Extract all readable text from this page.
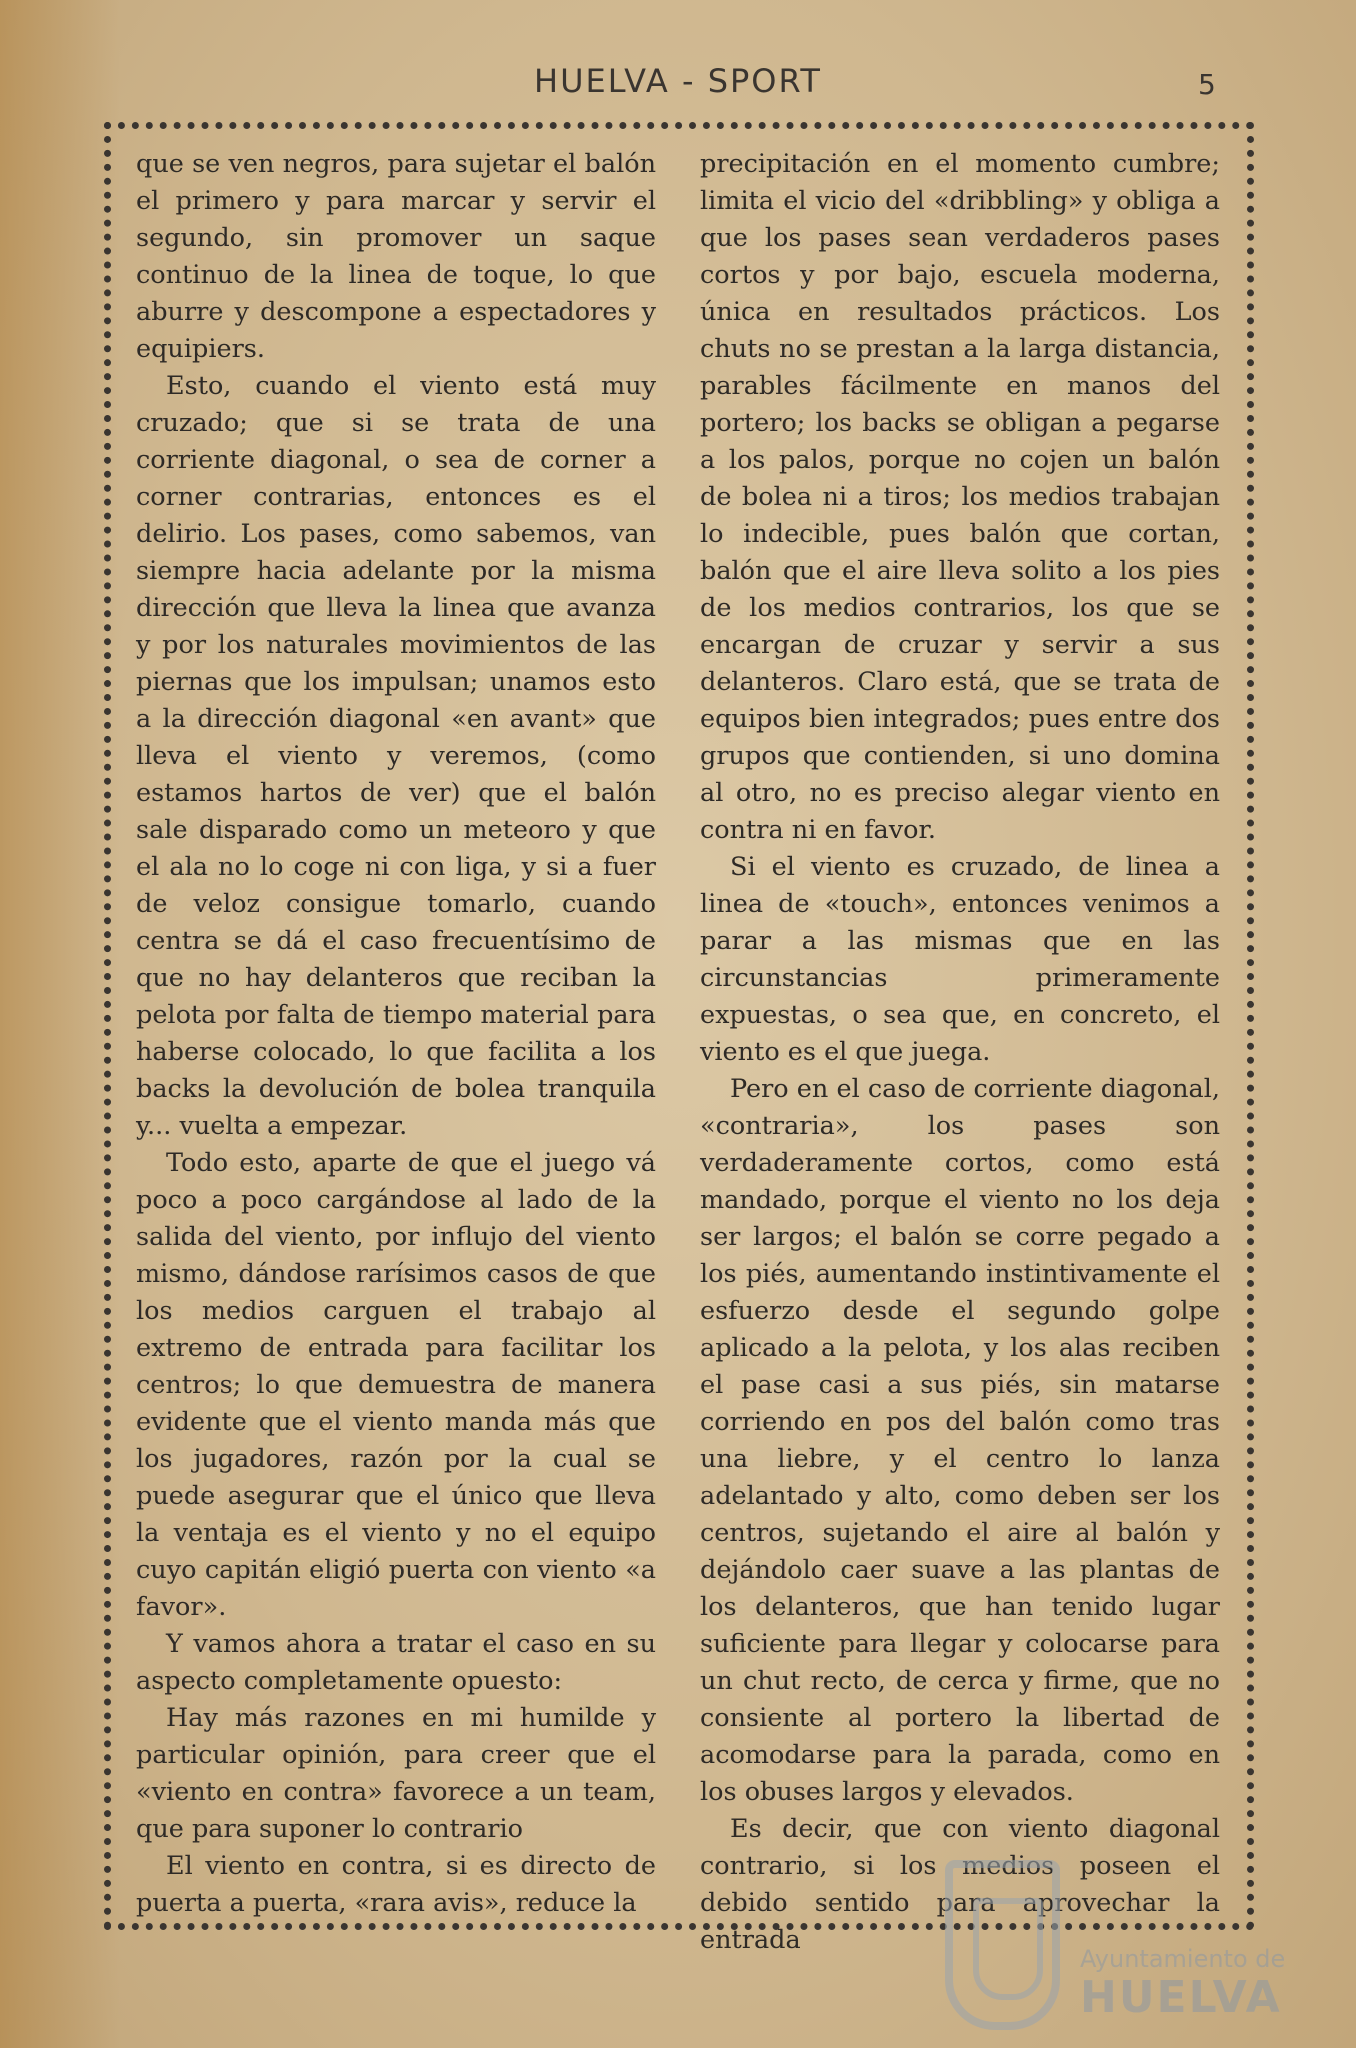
HUELVA - SPORT	5

que se ven negros, para sujetar el balón el primero y para marcar y servir el segundo, sin promover un saque continuo de la linea de toque, lo que aburre y descompone a espectadores y equipiers.

Esto, cuando el viento está muy cruzado; que si se trata de una corriente diagonal, o sea de corner a corner contrarias, entonces es el delirio. Los pases, como sabemos, van siempre hacia adelante por la misma dirección que lleva la linea que avanza y por los naturales movimientos de las piernas que los impulsan; unamos esto a la dirección diagonal «en avant» que lleva el viento y veremos, (como estamos hartos de ver) que el balón sale disparado como un meteoro y que el ala no lo coge ni con liga, y si a fuer de veloz consigue tomarlo, cuando centra se dá el caso frecuentísimo de que no hay delanteros que reciban la pelota por falta de tiempo material para haberse colocado, lo que facilita a los backs la devolución de bolea tranquila y... vuelta a empezar.

Todo esto, aparte de que el juego vá poco a poco cargándose al lado de la salida del viento, por influjo del viento mismo, dándose rarísimos casos de que los medios carguen el trabajo al extremo de entrada para facilitar los centros; lo que demuestra de manera evidente que el viento manda más que los jugadores, razón por la cual se puede asegurar que el único que lleva la ventaja es el viento y no el equipo cuyo capitán eligió puerta con viento «a favor».

Y vamos ahora a tratar el caso en su aspecto completamente opuesto:

Hay más razones en mi humilde y particular opinión, para creer que el «viento en contra» favorece a un team, que para suponer lo contrario

El viento en contra, si es directo de puerta a puerta, «rara avis», reduce la

precipitación en el momento cumbre; limita el vicio del «dribbling» y obliga a que los pases sean verdaderos pases cortos y por bajo, escuela moderna, única en resultados prácticos. Los chuts no se prestan a la larga distancia, parables fácilmente en manos del portero; los backs se obligan a pegarse a los palos, porque no cojen un balón de bolea ni a tiros; los medios trabajan lo indecible, pues balón que cortan, balón que el aire lleva solito a los pies de los medios contrarios, los que se encargan de cruzar y servir a sus delanteros. Claro está, que se trata de equipos bien integrados; pues entre dos grupos que contienden, si uno domina al otro, no es preciso alegar viento en contra ni en favor.

Si el viento es cruzado, de linea a linea de «touch», entonces venimos a parar a las mismas que en las circunstancias primeramente expuestas, o sea que, en concreto, el viento es el que juega.

Pero en el caso de corriente diagonal, «contraria», los pases son verdaderamente cortos, como está mandado, porque el viento no los deja ser largos; el balón se corre pegado a los piés, aumentando instintivamente el esfuerzo desde el segundo golpe aplicado a la pelota, y los alas reciben el pase casi a sus piés, sin matarse corriendo en pos del balón como tras una liebre, y el centro lo lanza adelantado y alto, como deben ser los centros, sujetando el aire al balón y dejándolo caer suave a las plantas de los delanteros, que han tenido lugar suficiente para llegar y colocarse para un chut recto, de cerca y firme, que no consiente al portero la libertad de acomodarse para la parada, como en los obuses largos y elevados.

Es decir, que con viento diagonal contrario, si los medios poseen el debido sentido para aprovechar la entrada

Ayuntamiento de
HUELVA
